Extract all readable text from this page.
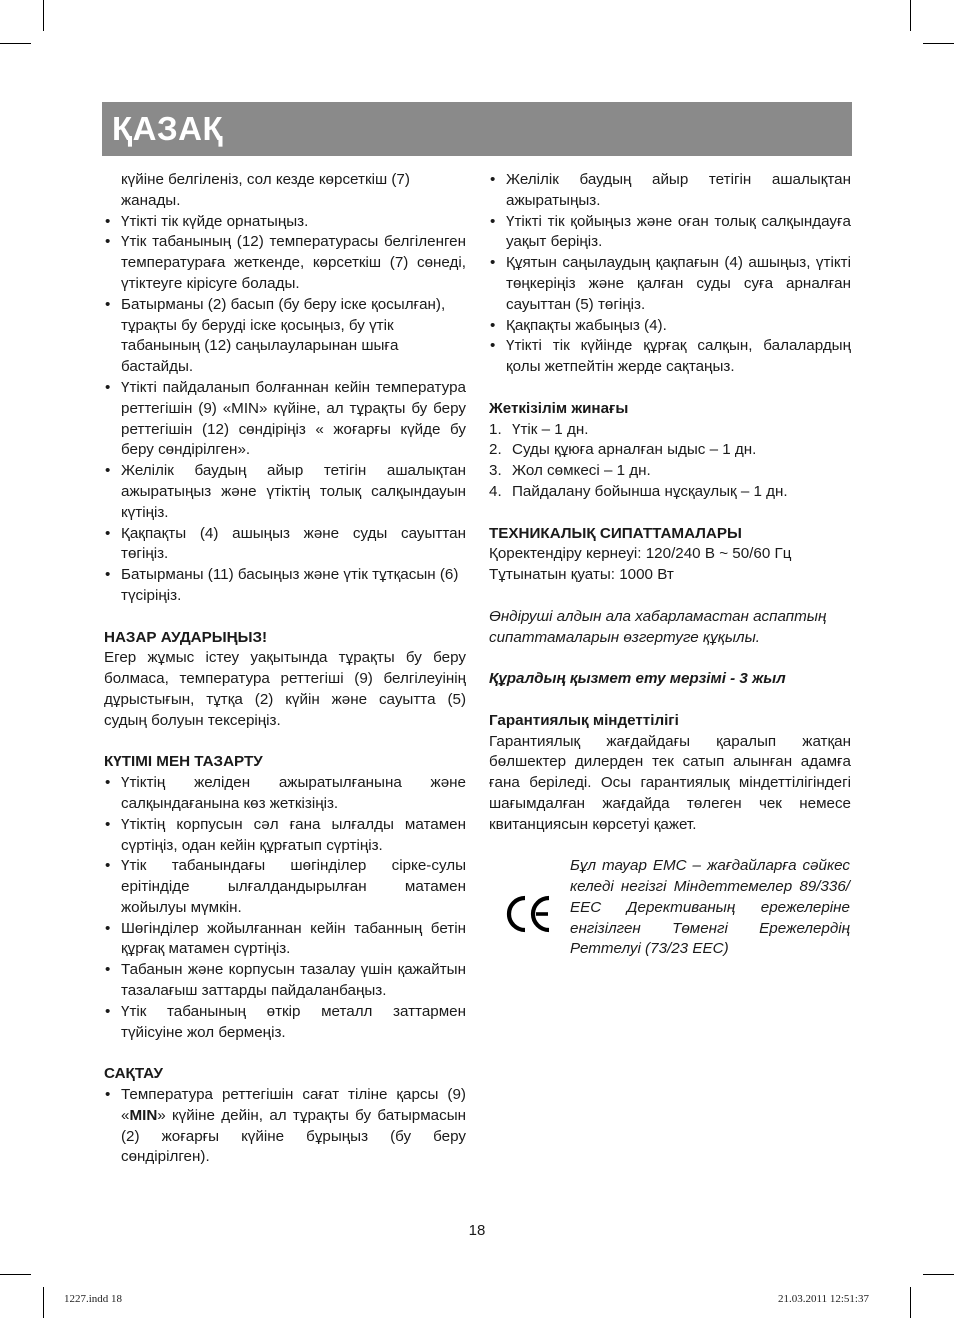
ҚАЗАҚ

күйіне белгіленіз, сол кезде көрсеткіш (7) жанады.

• Үтікті тік күйде орнатыңыз.
• Үтік табанының (12) температурасы белгіленген температураға жеткенде, көрсеткіш (7) сөнеді, үтіктеугe кірісуге болады.
• Батырманы (2) басып (бу беру іске қосылған), тұрақты бу беруді іске қосыңыз, бу үтік табанының (12) саңылауларынан шыға бастайды.
• Үтікті пайдаланып болғаннан кейін температура реттегішін (9) «MIN» күйіне, ал тұрақты бу беру реттегішін (12) сөндіріңіз « жоғарғы күйде бу беру сөндірілген».
• Желілік баудың айыр тетігін ашалықтан ажыратыңыз және үтіктің толық салқындауын күтіңіз.
• Қақпақты (4) ашыңыз және суды сауыттан төгіңіз.
• Батырманы (11) басыңыз және үтік тұтқасын (6) түсіріңіз.

НАЗАР АУДАРЫҢЫЗ!

Егер жұмыс істеу уақытында тұрақты бу беру болмаса, температура реттегіші (9) белгілеуінің дұрыстығын, тұтқа (2) күйін және сауытта (5) судың болуын тексеріңіз.

КҮТІМІ МЕН ТАЗАРТУ

• Үтіктің желіден ажыратылғанына және салқындағанына көз жеткізіңіз.
• Үтіктің корпусын сәл ғана ылғалды матамен сүртіңіз, одан кейін құрғатып сүртіңіз.
• Үтік табанындағы шөгінділер сірке-сулы ерітіндіде ылғалдандырылған матамен жойылуы мүмкін.
• Шөгінділер жойылғаннан кейін табанның бетін құрғақ матамен сүртіңіз.
• Табанын және корпусын тазалау үшін қажайтын тазалағыш заттарды пайдаланбаңыз.
• Үтік табанының өткір металл заттармен түйісуіне жол бермеңіз.

САҚТАУ

• Температура реттегішін сағат тіліне қарсы (9) «MIN» күйіне дейін, ал тұрақты бу батырмасын (2) жоғарғы күйіне бұрыңыз (бу беру сөндірілген).
• Желілік баудың айыр тетігін ашалықтан ажыратыңыз.
• Үтікті тік қойыңыз және оған толық салқындауға уақыт беріңіз.
• Құятын саңылаудың қақпағын (4) ашыңыз, үтікті төңкеріңіз және қалған суды суға арналған сауыттан (5) төгіңіз.
• Қақпақты жабыңыз (4).
• Үтікті тік күйінде құрғақ салқын, балалардың қолы жетпейтін жерде сақтаңыз.

Жеткізілім жинағы

1. Үтік – 1 дн.
2. Суды құюға арналған ыдыс – 1 дн.
3. Жол сөмкесі – 1 дн.
4. Пайдалану бойынша нұсқаулық – 1 дн.

ТЕХНИКАЛЫҚ СИПАТТАМАЛАРЫ

Қоректендіру кернеуі: 120/240 В ~ 50/60 Гц

Тұтынатын қуаты: 1000 Вт

Өндіруші алдын ала хабарламастан аспаптың сипаттамаларын өзгертуге құқылы.

Құралдың қызмет ету мерзімі - 3 жыл

Гарантиялық міндеттілігі

Гарантиялық жағдайдағы қаралып жатқан бөлшектер дилерден тек сатып алынған адамға ғана беріледі. Осы гарантиялық міндеттілігіндегі шағымдалған жағдайда төлеген чек немесе квитанциясын көрсетуі қажет.

Бұл тауар ЕМС – жағдайларға сәйкес келеді негізгі Міндеттемелер 89/336/ЕЕС Дерективаның ережелеріне енгізілген Төменгі Ережелердің Реттелуі (73/23 ЕЕС)

18
1227.indd 18	21.03.2011 12:51:37
